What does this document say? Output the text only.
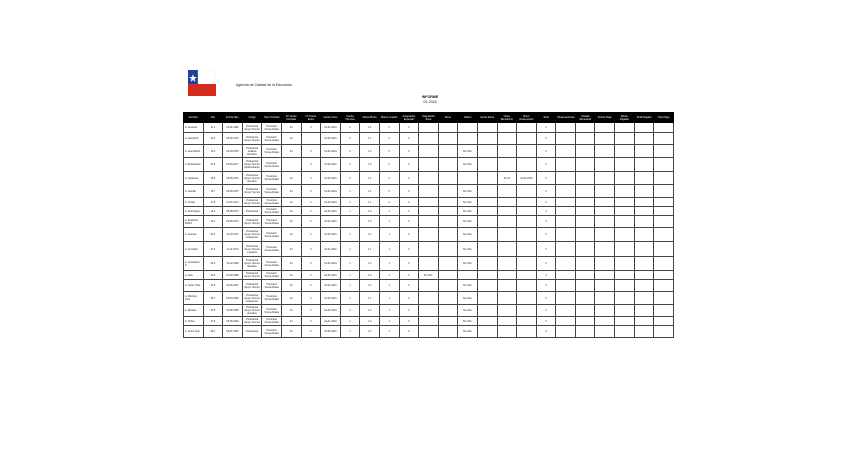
Agencia de Calidad de la Educación
INFORME
01-2016
Nombre	Rut	Fecha Nac.	Cargo	Tipo Contrato	N° Horas Contrato	N° Horas Extra	Fecha Inicio	Fecha Término	Monto Bruto	Monto Líquido	Asignación Especial	Asignación Zona	Bono	Viático	Horas Extra	Otros Beneficios	Bono Desempeño	Total	Observaciones	Unidad Monetaria	Fecha Pago	Monto Pagado	Total Pagado	Tipo Pago
A. Acevedo	11.1	01-01-1980	Profesional Apoyo Técnico	Honorario Suma Alzada	44	0	01-01-2016	0	1.2	0	0							0						
A. Alarcón R.	12.3	02-02-1979	Profesional Apoyo Técnico	Honorario Suma Alzada	44		01-01-2016	0	1.1	0	0							0						
A. Arancibia R.	13.4	03-03-1978	Profesional Analista Estudios	Honorario Suma Alzada	44	0	01-01-2016	0	1.3	0	0			Sin Obs.				0						
A. Bustamante	14.5	04-04-1977	Profesional Apoyo Técnico Administración	Honorario Suma Alzada		0	01-01-2016	0	1.0	0	0			Sin Obs.				0						
A. Cárdenas	15.6	05-05-1976	Profesional Apoyo Técnico Estudios	Honorario Suma Alzada	44	0	01-01-2016	0	1.4	0	0					01-01	01-01-2016	0						
A. Castillo	16.7	06-06-1975	Profesional Apoyo Técnico	Honorario Suma Alzada	44	2	01-01-2016	1	1.2	0	0			Sin Obs.				0						
A. Cortés	17.8	07-07-1974	Profesional Apoyo Técnico	Honorario Suma Alzada	44	2	01-01-2016	1	1.1	0	0			Sin Obs.				0						
A. Díaz Rojas	18.9	08-08-1973	Profesional	Honorario Suma Alzada	44	2	01-01-2016	1	1.3	1	0			Sin Obs.				0						
A. Espinoza Muñoz	19.1	09-09-1972	Profesional Apoyo Técnico	Honorario Suma Alzada	44	2	01-01-2016		1.0	1	0			Sin Obs.				0						
A. Fuentes	20.2	10-10-1971	Profesional Apoyo Técnico Evaluación	Honorario Suma Alzada	44	2	01-01-2016	1	1.2	1	0			Sin Obs.				0						
A. González	21.3	11-11-1970	Profesional Apoyo Técnico Logística	Honorario Suma Alzada	44	2	01-01-2016	1	1.1	1	0			Sin Obs.				0						
A. Hernández P.	22.4	12-12-1969	Profesional Apoyo Técnico Estudios	Honorario Suma Alzada	44	2	01-01-2016	1	1.3	1	0			Sin Obs.				0						
A. Jara	23.5	01-02-1968	Profesional Apoyo Técnico	Honorario Suma Alzada	44	2	01-01-2016	1	1.0	1	0	Sin Obs.						0						
A. López Silva	24.6	02-03-1967	Profesional Apoyo Técnico	Honorario Suma Alzada	44	2	01-01-2016	1	1.2	1	0			Sin Obs.				0						
A. Martínez Vera	25.7	03-04-1966	Profesional Apoyo Técnico Evaluación	Honorario Suma Alzada	44	2	01-01-2016	1	1.1	1	0			Sin Obs.				0						
A. Morales	26.8	04-05-1965	Profesional Apoyo Técnico Estudios	Honorario Suma Alzada	44	2	01-01-2016	1	1.3	1	0			Sin Obs.				0						
A. Núñez	27.9	05-06-1964	Profesional Apoyo Técnico	Honorario Suma Alzada	44	2	01-01-2016	1	1.0	1	0			Sin Obs.				0						
A. Pérez Soto	28.1	06-07-1963	Profesional	Honorario Suma Alzada	44	2	01-01-2016	1	1.2	1	0			Sin Obs.				0						
